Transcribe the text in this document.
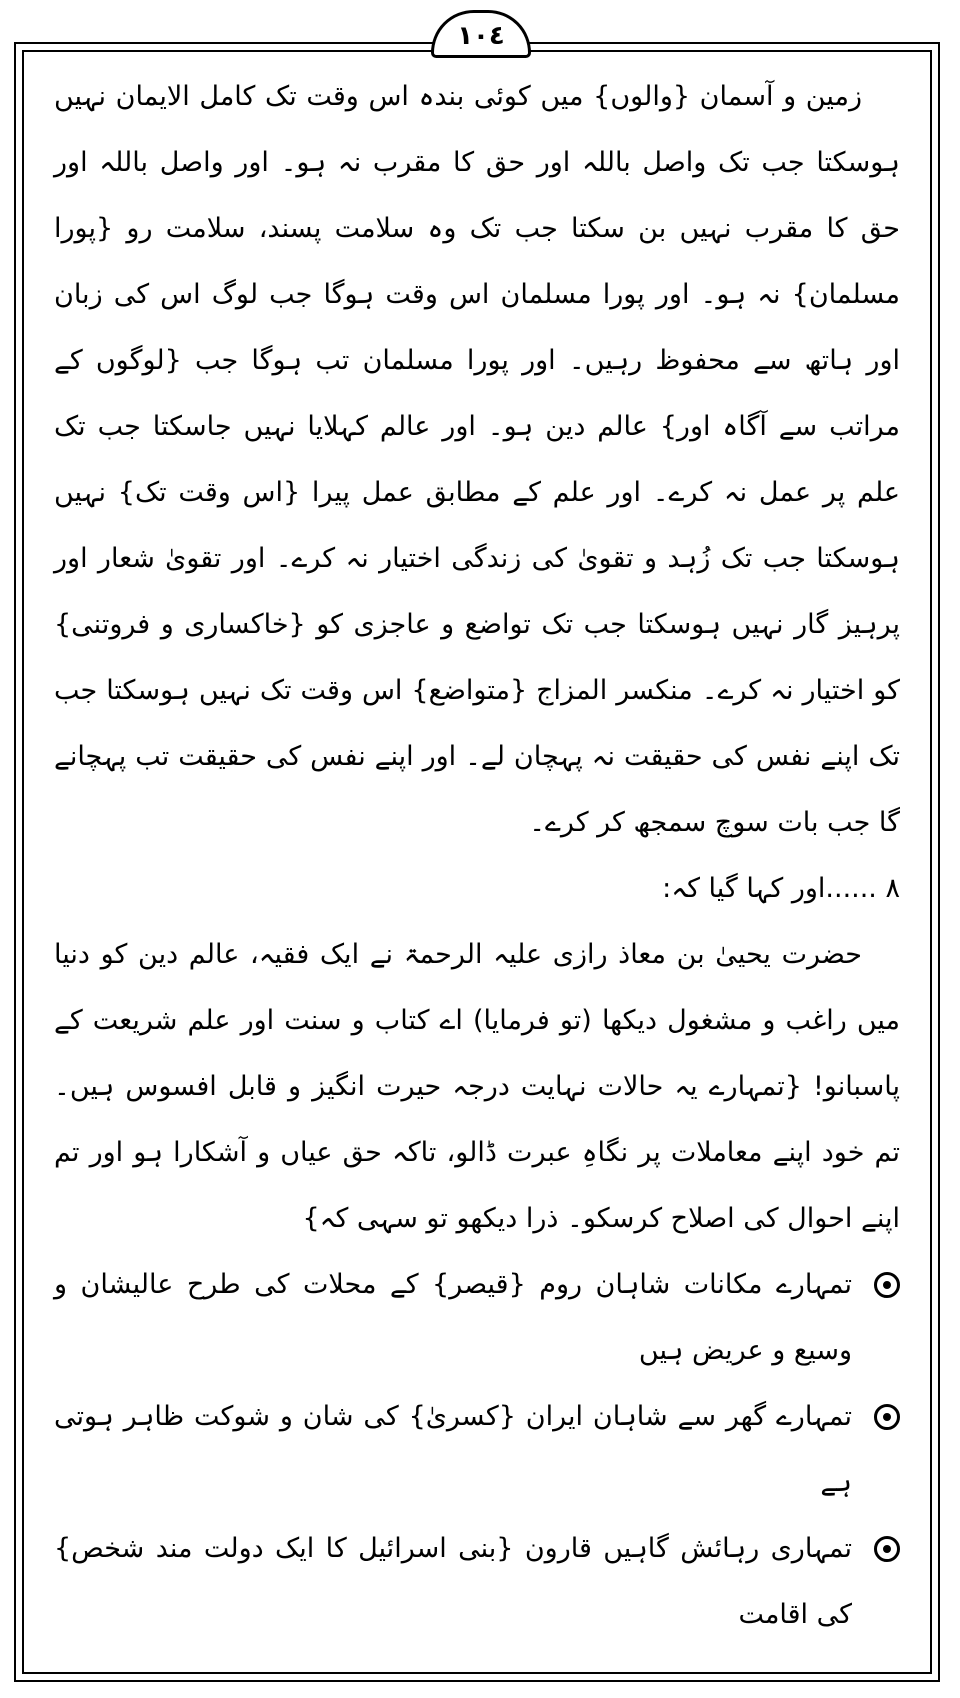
١٠٤

زمین و آسمان {والوں} میں کوئی بندہ اس وقت تک کامل الایمان نہیں ہوسکتا جب تک واصل باللہ اور حق کا مقرب نہ ہو۔ اور واصل باللہ اور حق کا مقرب نہیں بن سکتا جب تک وہ سلامت پسند، سلامت رو {پورا مسلمان} نہ ہو۔ اور پورا مسلمان اس وقت ہوگا جب لوگ اس کی زبان اور ہاتھ سے محفوظ رہیں۔ اور پورا مسلمان تب ہوگا جب {لوگوں کے مراتب سے آگاہ اور} عالم دین ہو۔ اور عالم کہلایا نہیں جاسکتا جب تک علم پر عمل نہ کرے۔ اور علم کے مطابق عمل پیرا {اس وقت تک} نہیں ہوسکتا جب تک زُہد و تقویٰ کی زندگی اختیار نہ کرے۔ اور تقویٰ شعار اور پرہیز گار نہیں ہوسکتا جب تک تواضع و عاجزی کو {خاکساری و فروتنی} کو اختیار نہ کرے۔ منکسر المزاج {متواضع} اس وقت تک نہیں ہوسکتا جب تک اپنے نفس کی حقیقت نہ پہچان لے۔ اور اپنے نفس کی حقیقت تب پہچانے گا جب بات سوچ سمجھ کر کرے۔

٨ ......اور کہا گیا کہ:

حضرت یحییٰ بن معاذ رازی علیہ الرحمۃ نے ایک فقیہ، عالم دین کو دنیا میں راغب و مشغول دیکھا (تو فرمایا) اے کتاب و سنت اور علم شریعت کے پاسبانو! {تمہارے یہ حالات نہایت درجہ حیرت انگیز و قابل افسوس ہیں۔ تم خود اپنے معاملات پر نگاہِ عبرت ڈالو، تاکہ حق عیاں و آشکارا ہو اور تم اپنے احوال کی اصلاح کرسکو۔ ذرا دیکھو تو سہی کہ}

تمہارے مکانات شاہان روم {قیصر} کے محلات کی طرح عالیشان و وسیع و عریض ہیں
تمہارے گھر سے شاہان ایران {کسریٰ} کی شان و شوکت ظاہر ہوتی ہے
تمہاری رہائش گاہیں قارون {بنی اسرائیل کا ایک دولت مند شخص} کی اقامت
